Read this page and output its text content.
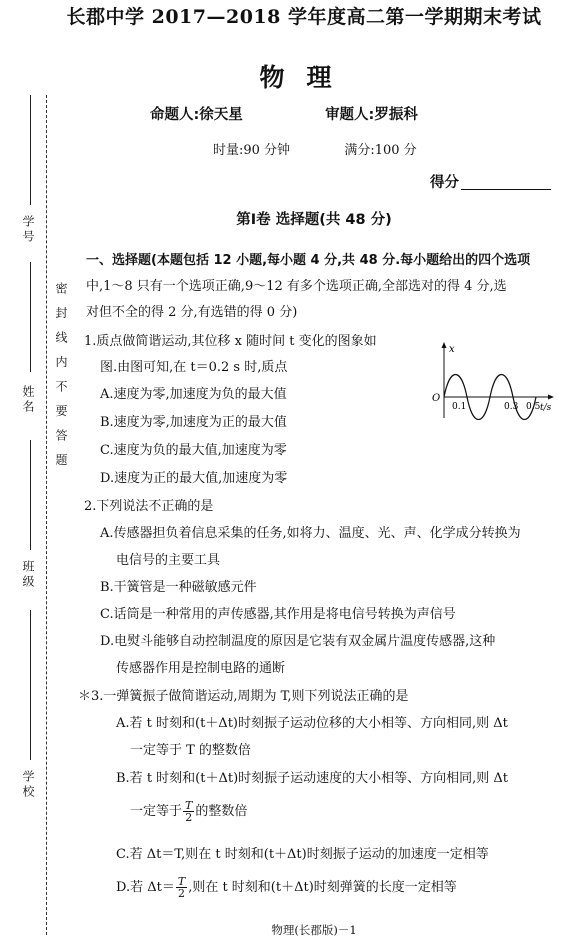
学号
姓名
班级
学校
密封线内不要答题
长郡中学 2017—2018 学年度高二第一学期期末考试
物理
命题人:徐天星	审题人:罗振科
时量:90 分钟	满分:100 分
得分
第Ⅰ卷 选择题(共 48 分)
一、选择题(本题包括 12 小题,每小题 4 分,共 48 分.每小题给出的四个选项
中,1～8 只有一个选项正确,9～12 有多个选项正确,全部选对的得 4 分,选
对但不全的得 2 分,有选错的得 0 分)
1.质点做简谐运动,其位移 x 随时间 t 变化的图象如
图.由图可知,在 t＝0.2 s 时,质点
A.速度为零,加速度为负的最大值
B.速度为零,加速度为正的最大值
C.速度为负的最大值,加速度为零
D.速度为正的最大值,加速度为零
x
O
0.1	0.3 0.5 t/s
2.下列说法不正确的是
A.传感器担负着信息采集的任务,如将力、温度、光、声、化学成分转换为
电信号的主要工具
B.干簧管是一种磁敏感元件
C.话筒是一种常用的声传感器,其作用是将电信号转换为声信号
D.电熨斗能够自动控制温度的原因是它装有双金属片温度传感器,这种
传感器作用是控制电路的通断
＊3.一弹簧振子做简谐运动,周期为 T,则下列说法正确的是
A.若 t 时刻和(t＋Δt)时刻振子运动位移的大小相等、方向相同,则 Δt
一定等于 T 的整数倍
B.若 t 时刻和(t＋Δt)时刻振子运动速度的大小相等、方向相同,则 Δt
一定等于 $\frac{T}{2}$ 的整数倍
C.若 Δt＝T,则在 t 时刻和(t＋Δt)时刻振子运动的加速度一定相等
D.若 $\Delta t= \frac{T}{2}$ ,则在 t 时刻和(t＋Δt)时刻弹簧的长度一定相等
物理(长郡版)－1
